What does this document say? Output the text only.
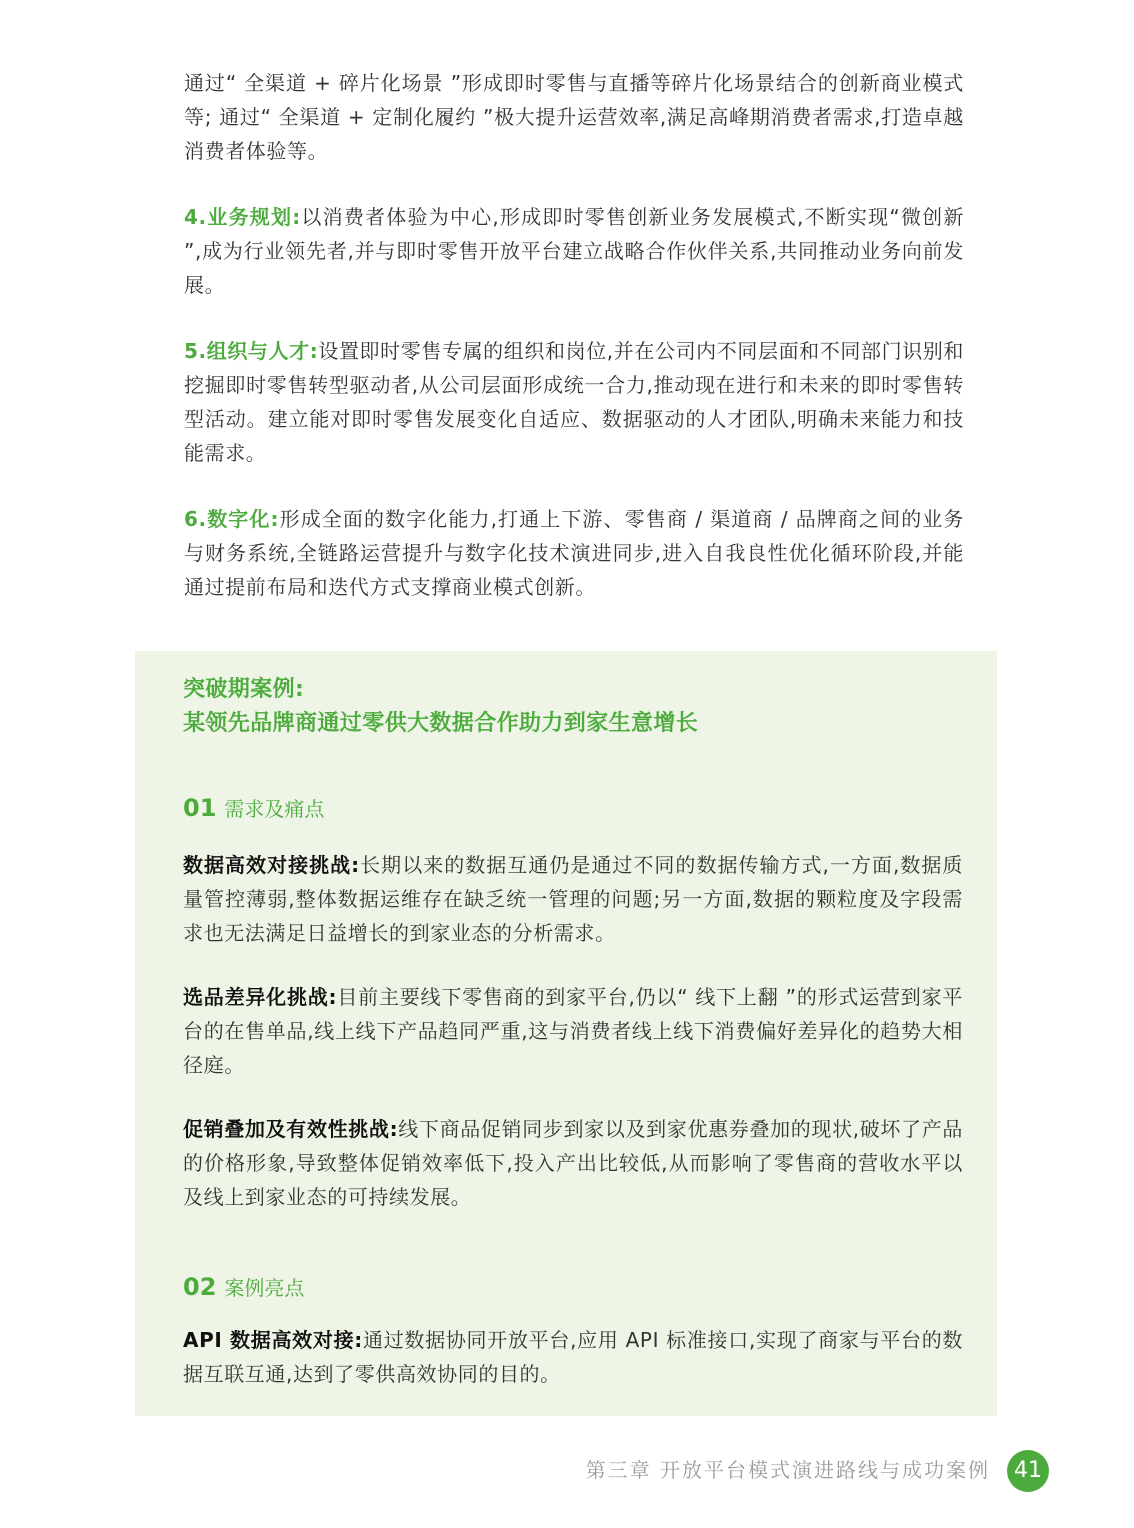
通过“ 全渠道 + 碎片化场景 ”形成即时零售与直播等碎片化场景结合的创新商业模式等; 通过“ 全渠道 + 定制化履约 ”极大提升运营效率,满足高峰期消费者需求,打造卓越消费者体验等。

4.业务规划:以消费者体验为中心,形成即时零售创新业务发展模式,不断实现“微创新 ”,成为行业领先者,并与即时零售开放平台建立战略合作伙伴关系,共同推动业务向前发展。

5.组织与人才:设置即时零售专属的组织和岗位,并在公司内不同层面和不同部门识别和挖掘即时零售转型驱动者,从公司层面形成统一合力,推动现在进行和未来的即时零售转型活动。建立能对即时零售发展变化自适应、数据驱动的人才团队,明确未来能力和技能需求。

6.数字化:形成全面的数字化能力,打通上下游、零售商 / 渠道商 / 品牌商之间的业务与财务系统,全链路运营提升与数字化技术演进同步,进入自我良性优化循环阶段,并能通过提前布局和迭代方式支撑商业模式创新。

突破期案例:

某领先品牌商通过零供大数据合作助力到家生意增长

01 需求及痛点

数据高效对接挑战:长期以来的数据互通仍是通过不同的数据传输方式,一方面,数据质量管控薄弱,整体数据运维存在缺乏统一管理的问题;另一方面,数据的颗粒度及字段需求也无法满足日益增长的到家业态的分析需求。

选品差异化挑战:目前主要线下零售商的到家平台,仍以“ 线下上翻 ”的形式运营到家平台的在售单品,线上线下产品趋同严重,这与消费者线上线下消费偏好差异化的趋势大相径庭。

促销叠加及有效性挑战:线下商品促销同步到家以及到家优惠券叠加的现状,破坏了产品的价格形象,导致整体促销效率低下,投入产出比较低,从而影响了零售商的营收水平以及线上到家业态的可持续发展。

02 案例亮点

API 数据高效对接:通过数据协同开放平台,应用 API 标准接口,实现了商家与平台的数据互联互通,达到了零供高效协同的目的。

第三章 开放平台模式演进路线与成功案例	41
